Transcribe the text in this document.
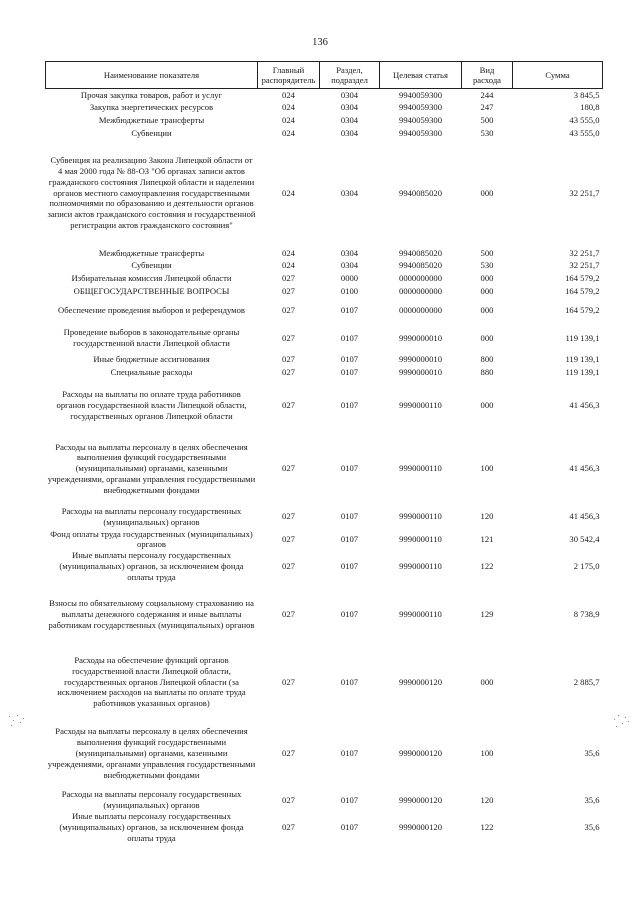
136
Наименование показателя	Главный распорядитель	Раздел, подраздел	Целевая статья	Вид расхода	Сумма
Прочая закупка товаров, работ и услуг	024	0304	9940059300	244	3 845,5
Закупка энергетических ресурсов	024	0304	9940059300	247	180,8
Межбюджетные трансферты	024	0304	9940059300	500	43 555,0
Субвенции	024	0304	9940059300	530	43 555,0
Субвенция на реализацию Закона Липецкой области от 4 мая 2000 года № 88-ОЗ "Об органах записи актов гражданского состояния Липецкой области и наделении органов местного самоуправления государственными полномочиями по образованию и деятельности органов записи актов гражданского состояния и государственной регистрации актов гражданского состояния"	024	0304	9940085020	000	32 251,7
Межбюджетные трансферты	024	0304	9940085020	500	32 251,7
Субвенции	024	0304	9940085020	530	32 251,7
Избирательная комиссия Липецкой области	027	0000	0000000000	000	164 579,2
ОБЩЕГОСУДАРСТВЕННЫЕ ВОПРОСЫ	027	0100	0000000000	000	164 579,2
Обеспечение проведения выборов и референдумов	027	0107	0000000000	000	164 579,2
Проведение выборов в законодательные органы государственной власти Липецкой области	027	0107	9990000010	000	119 139,1
Иные бюджетные ассигнования	027	0107	9990000010	800	119 139,1
Специальные расходы	027	0107	9990000010	880	119 139,1
Расходы на выплаты по оплате труда работников органов государственной власти Липецкой области, государственных органов Липецкой области	027	0107	9990000110	000	41 456,3
Расходы на выплаты персоналу в целях обеспечения выполнения функций государственными (муниципальными) органами, казенными учреждениями, органами управления государственными внебюджетными фондами	027	0107	9990000110	100	41 456,3
Расходы на выплаты персоналу государственных (муниципальных) органов	027	0107	9990000110	120	41 456,3
Фонд оплаты труда государственных (муниципальных) органов	027	0107	9990000110	121	30 542,4
Иные выплаты персоналу государственных (муниципальных) органов, за исключением фонда оплаты труда	027	0107	9990000110	122	2 175,0
Взносы по обязательному социальному страхованию на выплаты денежного содержания и иные выплаты работникам государственных (муниципальных) органов	027	0107	9990000110	129	8 738,9
Расходы на обеспечение функций органов государственной власти Липецкой области, государственных органов Липецкой области (за исключением расходов на выплаты по оплате труда работников указанных органов)	027	0107	9990000120	000	2 885,7
Расходы на выплаты персоналу в целях обеспечения выполнения функций государственными (муниципальными) органами, казенными учреждениями, органами управления государственными внебюджетными фондами	027	0107	9990000120	100	35,6
Расходы на выплаты персоналу государственных (муниципальных) органов	027	0107	9990000120	120	35,6
Иные выплаты персоналу государственных (муниципальных) органов, за исключением фонда оплаты труда	027	0107	9990000120	122	35,6
